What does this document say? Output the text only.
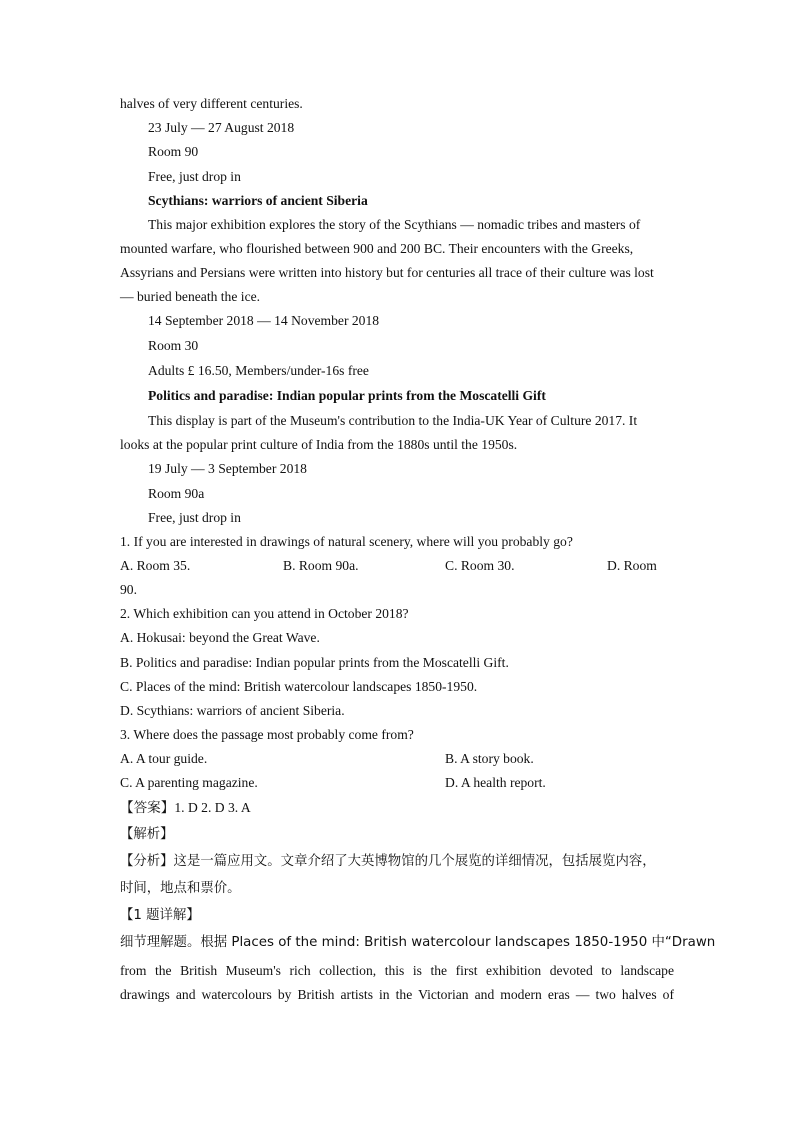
halves of very different centuries.
23 July — 27 August 2018
Room 90
Free, just drop in
Scythians: warriors of ancient Siberia
This major exhibition explores the story of the Scythians — nomadic tribes and masters of
mounted warfare, who flourished between 900 and 200 BC. Their encounters with the Greeks,
Assyrians and Persians were written into history but for centuries all trace of their culture was lost
— buried beneath the ice.
14 September 2018 — 14 November 2018
Room 30
Adults £ 16.50, Members/under-16s free
Politics and paradise: Indian popular prints from the Moscatelli Gift
This display is part of the Museum's contribution to the India-UK Year of Culture 2017. It
looks at the popular print culture of India from the 1880s until the 1950s.
19 July — 3 September 2018
Room 90a
Free, just drop in
1. If you are interested in drawings of natural scenery, where will you probably go?
A. Room 35.	B. Room 90a.	C. Room 30.	D. Room
90.
2. Which exhibition can you attend in October 2018?
A. Hokusai: beyond the Great Wave.
B. Politics and paradise: Indian popular prints from the Moscatelli Gift.
C. Places of the mind: British watercolour landscapes 1850-1950.
D. Scythians: warriors of ancient Siberia.
3. Where does the passage most probably come from?
A. A tour guide.	B. A story book.
C. A parenting magazine.	D. A health report.
【答案】1. D 2. D 3. A
【解析】
【分析】这是一篇应用文。文章介绍了大英博物馆的几个展览的详细情况，包括展览内容，
时间，地点和票价。
【1 题详解】
细节理解题。根据 Places of the mind: British watercolour landscapes 1850-1950 中“Drawn
from the British Museum's rich collection, this is the first exhibition devoted to landscape
drawings and watercolours by British artists in the Victorian and modern eras — two halves of
